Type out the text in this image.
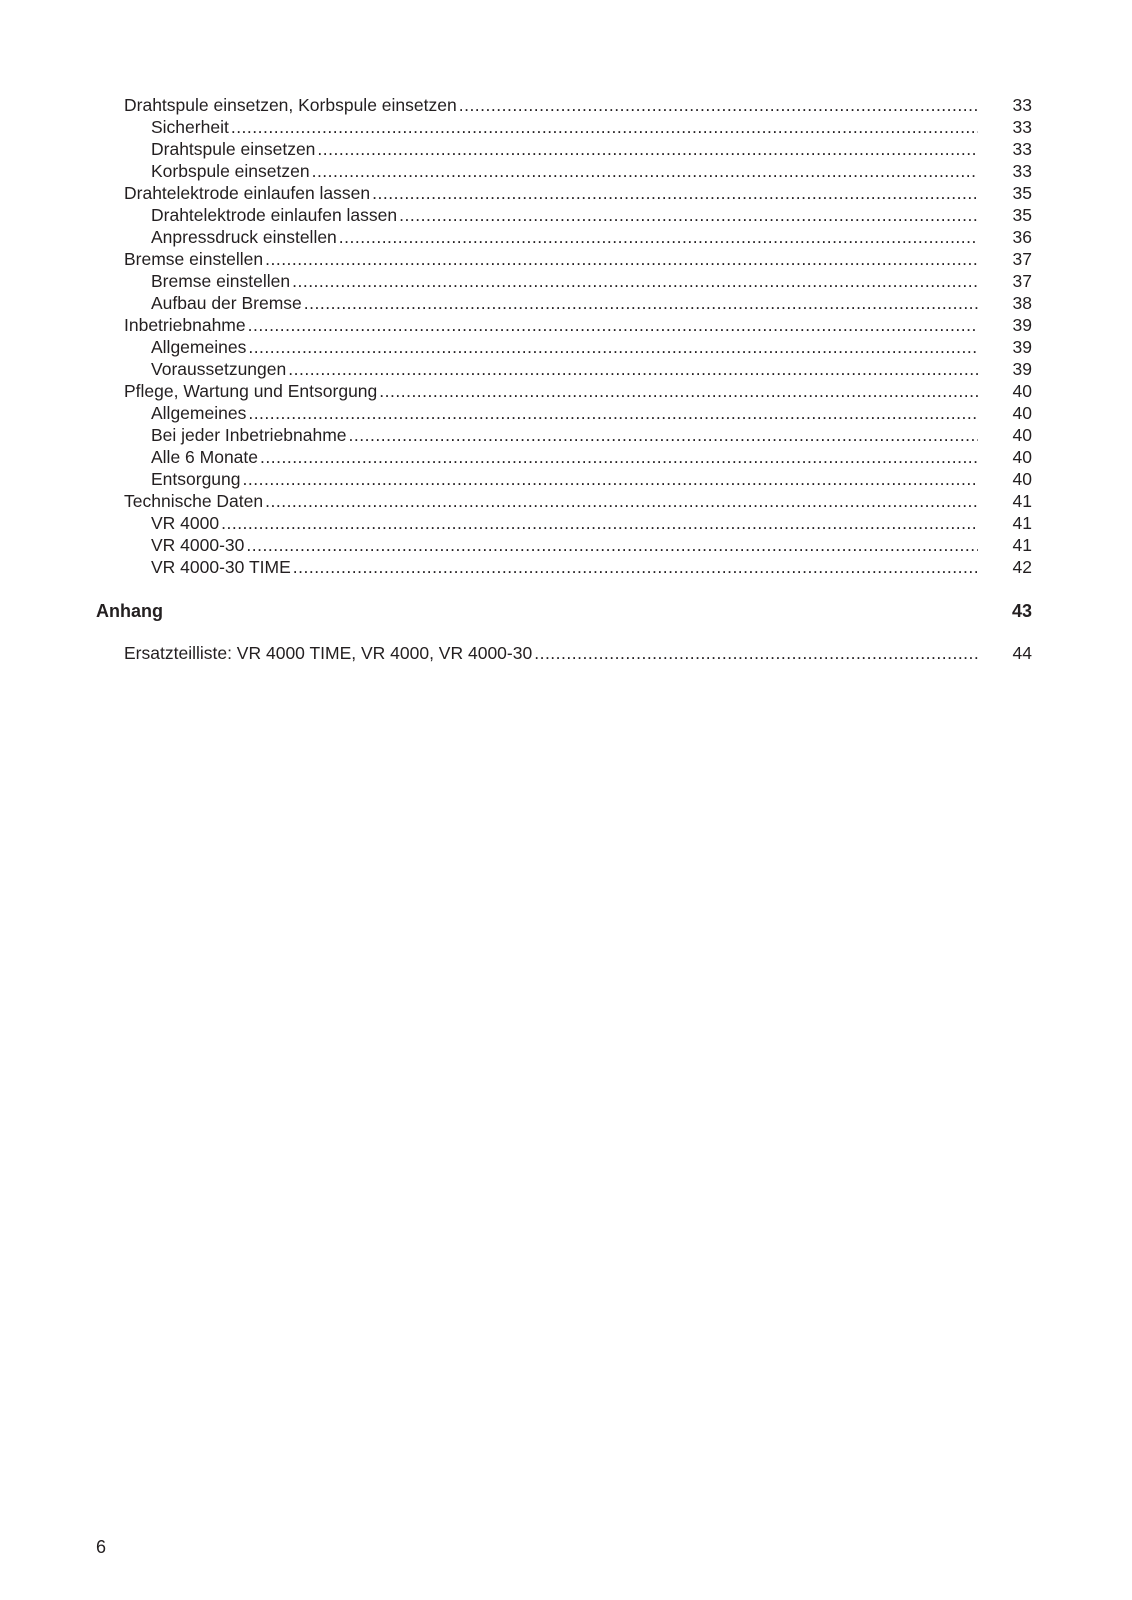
Drahtspule einsetzen, Korbspule einsetzen .....	33
Sicherheit .....	33
Drahtspule einsetzen .....	33
Korbspule einsetzen .....	33
Drahtelektrode einlaufen lassen .....	35
Drahtelektrode einlaufen lassen .....	35
Anpressdruck einstellen .....	36
Bremse einstellen .....	37
Bremse einstellen .....	37
Aufbau der Bremse .....	38
Inbetriebnahme .....	39
Allgemeines .....	39
Voraussetzungen .....	39
Pflege, Wartung und Entsorgung .....	40
Allgemeines .....	40
Bei jeder Inbetriebnahme .....	40
Alle 6 Monate .....	40
Entsorgung .....	40
Technische Daten .....	41
VR 4000 .....	41
VR 4000-30 .....	41
VR 4000-30 TIME .....	42
Anhang	43
Ersatzteilliste: VR 4000 TIME, VR 4000, VR 4000-30 .....	44
6
